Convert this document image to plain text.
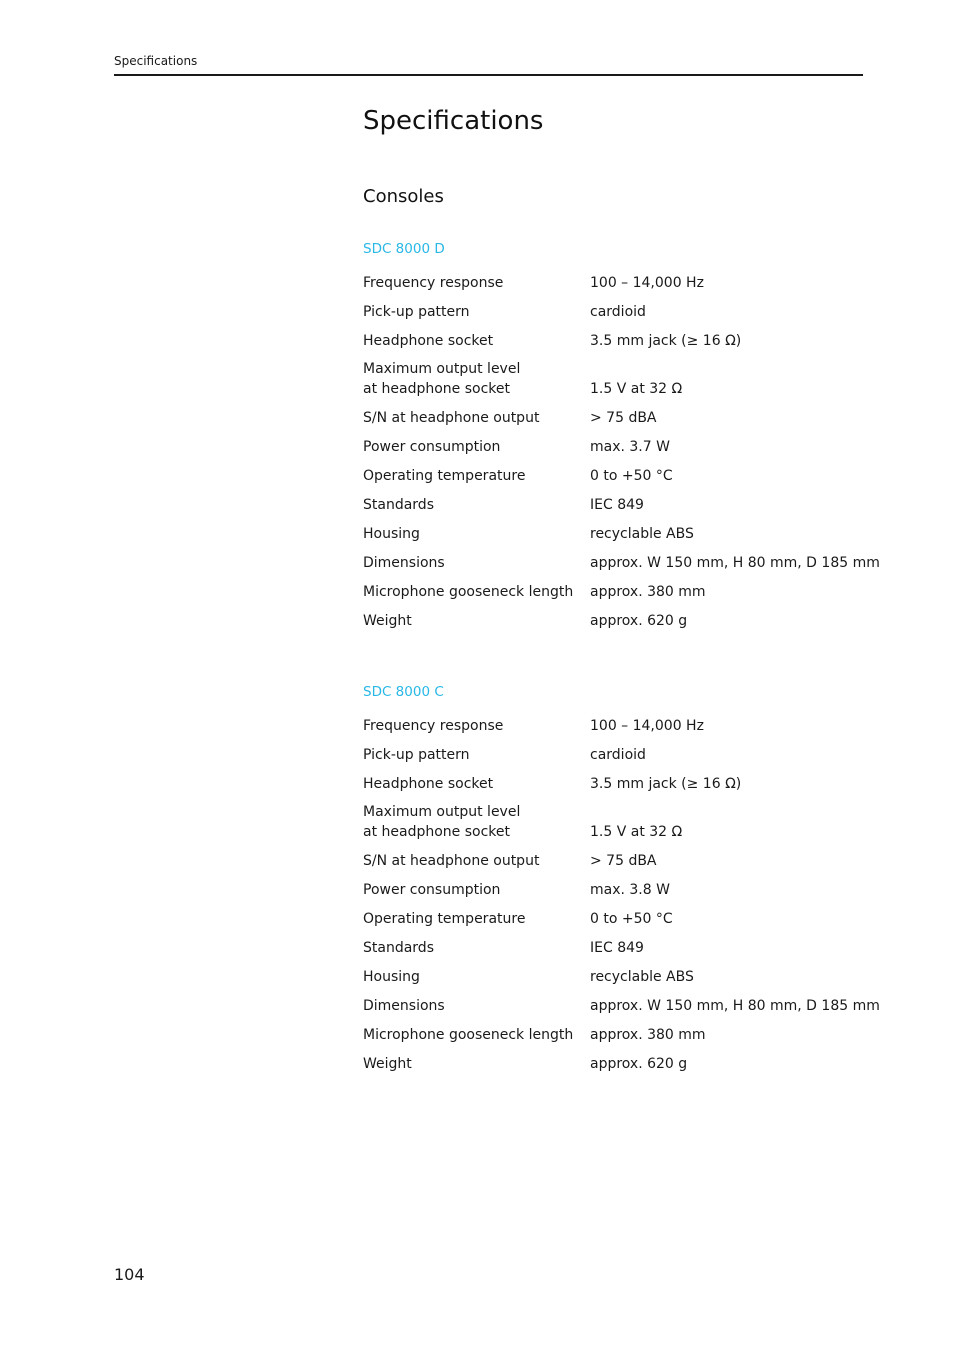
Specifications
Specifications
Consoles
SDC 8000 D
Frequency response	100 – 14,000 Hz

Pick-up pattern	cardioid

Headphone socket	3.5 mm jack (≥ 16 Ω)

Maximum output level
at headphone socket	1.5 V at 32 Ω

S/N at headphone output	> 75 dBA

Power consumption	max. 3.7 W

Operating temperature	0 to +50 °C

Standards	IEC 849

Housing	recyclable ABS

Dimensions	approx. W 150 mm, H 80 mm, D 185 mm

Microphone gooseneck length	approx. 380 mm

Weight	approx. 620 g
SDC 8000 C
Frequency response	100 – 14,000 Hz

Pick-up pattern	cardioid

Headphone socket	3.5 mm jack (≥ 16 Ω)

Maximum output level
at headphone socket	1.5 V at 32 Ω

S/N at headphone output	> 75 dBA

Power consumption	max. 3.8 W

Operating temperature	0 to +50 °C

Standards	IEC 849

Housing	recyclable ABS

Dimensions	approx. W 150 mm, H 80 mm, D 185 mm

Microphone gooseneck length	approx. 380 mm

Weight	approx. 620 g
104
